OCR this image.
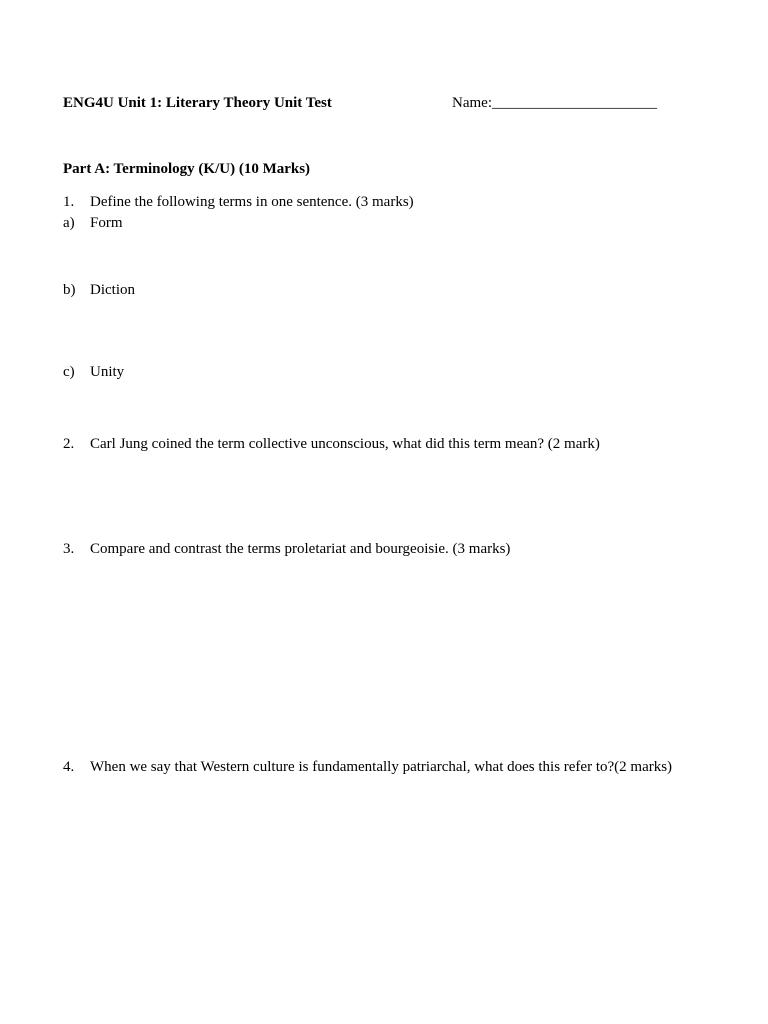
ENG4U Unit 1: Literary Theory Unit Test	Name:______________________
Part A: Terminology (K/U) (10 Marks)
1. Define the following terms in one sentence. (3 marks)
a) Form
b) Diction
c) Unity
2. Carl Jung coined the term collective unconscious, what did this term mean? (2 mark)
3. Compare and contrast the terms proletariat and bourgeoisie. (3 marks)
4. When we say that Western culture is fundamentally patriarchal, what does this refer to?(2 marks)
